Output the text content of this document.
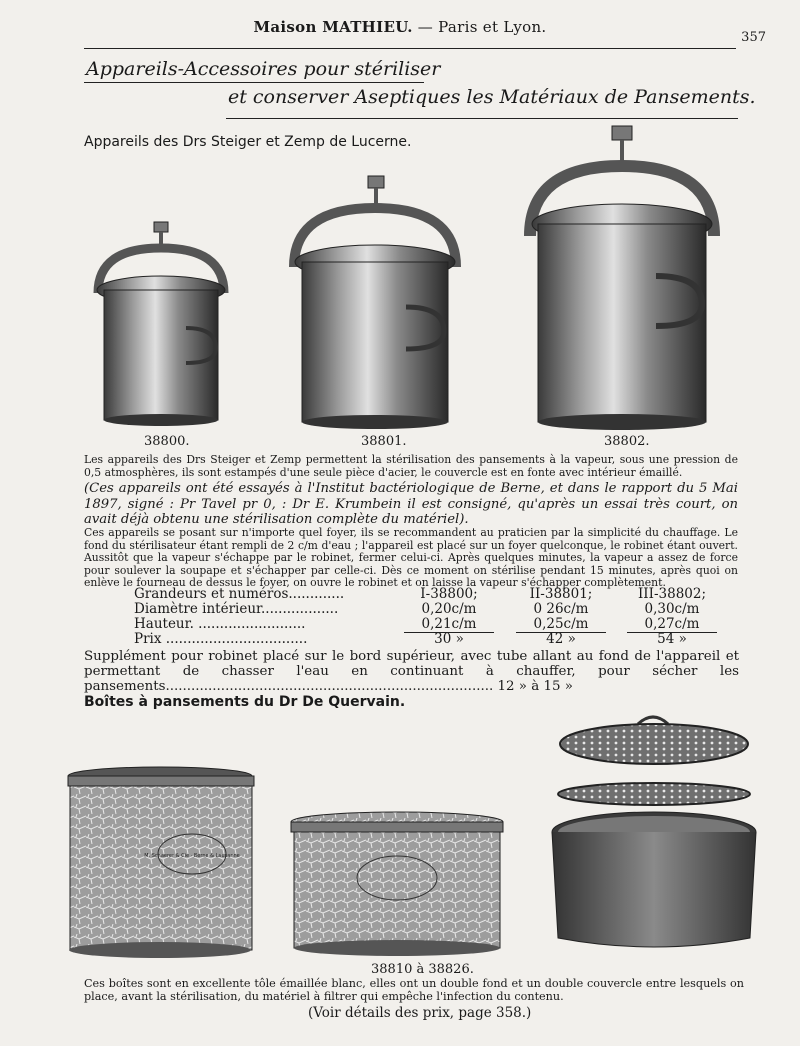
Maison MATHIEU. — Paris et Lyon.
357
Appareils-Accessoires pour stériliser
et conserver Aseptiques les Matériaux de Pansements.
Appareils des Drs Steiger et Zemp de Lucerne.
38800.	38801.	38802.
Les appareils des Drs Steiger et Zemp permettent la stérilisation des pansements à la vapeur, sous une pression de 0,5 atmosphères, ils sont estampés d'une seule pièce d'acier, le couvercle est en fonte avec intérieur émaillé.
(Ces appareils ont été essayés à l'Institut bactériologique de Berne, et dans le rapport du 5 Mai 1897, signé : Pr Tavel pr 0, : Dr E. Krumbein il est consigné, qu'après un essai très court, on avait déjà obtenu une stérilisation complète du matériel).
Ces appareils se posant sur n'importe quel foyer, ils se recommandent au praticien par la simplicité du chauffage. Le fond du stérilisateur étant rempli de 2 c/m d'eau ; l'appareil est placé sur un foyer quelconque, le robinet étant ouvert. Aussitôt que la vapeur s'échappe par le robinet, fermer celui-ci. Après quelques minutes, la vapeur a assez de force pour soulever la soupape et s'échapper par celle-ci. Dès ce moment on stérilise pendant 15 minutes, après quoi on enlève le fourneau de dessus le foyer, on ouvre le robinet et on laisse la vapeur s'échapper complètement.
Grandeurs et numéros.............	I-38800;	II-38801;	III-38802;
Diamètre intérieur..................	0,20c/m	0 26c/m	0,30c/m
Hauteur. .........................	0,21c/m	0,25c/m	0,27c/m
Prix .................................	30 »	42 »	54 »
Supplément pour robinet placé sur le bord supérieur, avec tube allant au fond de l'appareil et permettant de chasser l'eau en continuant à chauffer, pour sécher les pansements............................................................................. 12 » à 15 »
Boîtes à pansements du Dr De Quervain.
M. Schaerer & Cie · Berne & Lausanne
38810 à 38826.
Ces boîtes sont en excellente tôle émaillée blanc, elles ont un double fond et un double couvercle entre lesquels on place, avant la stérilisation, du matériel à filtrer qui empêche l'infection du contenu.
(Voir détails des prix, page 358.)
